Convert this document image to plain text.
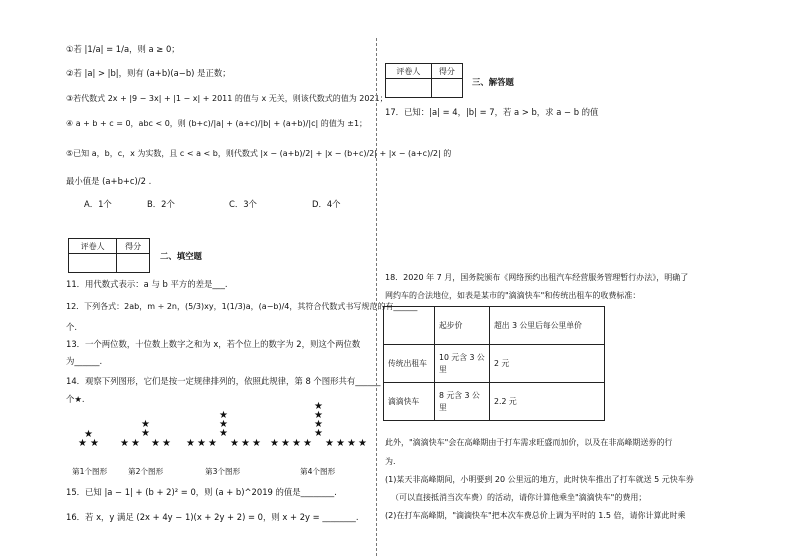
①若 |1/a| = 1/a，则 a ≥ 0；
②若 |a| > |b|，则有 (a+b)(a−b) 是正数；
③若代数式 2x + |9 − 3x| + |1 − x| + 2011 的值与 x 无关，则该代数式的值为 2021；
④ a + b + c = 0，abc < 0，则 (b+c)/|a| + (a+c)/|b| + (a+b)/|c| 的值为 ±1；
⑤已知 a，b，c，x 为实数，且 c < a < b，则代数式 |x − (a+b)/2| + |x − (b+c)/2| + |x − (a+c)/2| 的
最小值是 (a+b+c)/2 .
A．1个	B．2个	C．3个	D．4个
评卷人	得分

二、填空题
11．用代数式表示：a 与 b 平方的差是___.
12．下列各式：2ab，m ÷ 2n，(5/3)xy，1(1/3)a，(a−b)/4，其符合代数式书写规范的有______
个.
13．一个两位数，十位数上数字之和为 x，若个位上的数字为 2，则这个两位数
为______.
14．观察下列图形，它们是按一定规律排列的，依照此规律，第 8 个图形共有______
个★.
★
★ ★
★
★
★ ★ ★ ★
★
★
★
★ ★ ★ ★ ★ ★
★
★
★
★
★ ★ ★ ★ ★ ★ ★ ★
第1个图形	第2个图形	第3个图形	第4个图形
15．已知 |a − 1| + (b + 2)² = 0，则 (a + b)^2019 的值是________.
16．若 x，y 满足 (2x + 4y − 1)(x + 2y + 2) = 0，则 x + 2y = ________.
评卷人	得分

三、解答题
17．已知：|a| = 4，|b| = 7，若 a > b，求 a − b 的值
18．2020 年 7 月，国务院颁布《网络预约出租汽车经营服务管理暂行办法》，明确了
网约车的合法地位，如表是某市的"滴滴快车"和传统出租车的收费标准：
	起步价	超出 3 公里后每公里单价
传统出租车	10 元含 3 公里	2 元
滴滴快车	8 元含 3 公里	2.2 元
此外，"滴滴快车"会在高峰期由于打车需求旺盛而加价，以及在非高峰期送券的行
为.
(1)某天非高峰期间，小明要到 20 公里远的地方，此时快车推出了打车就送 5 元快车券
（可以直接抵消当次车费）的活动，请你计算他乘坐"滴滴快车"的费用；
(2)在打车高峰期，"滴滴快车"把本次车费总价上调为平时的 1.5 倍，请你计算此时乘
